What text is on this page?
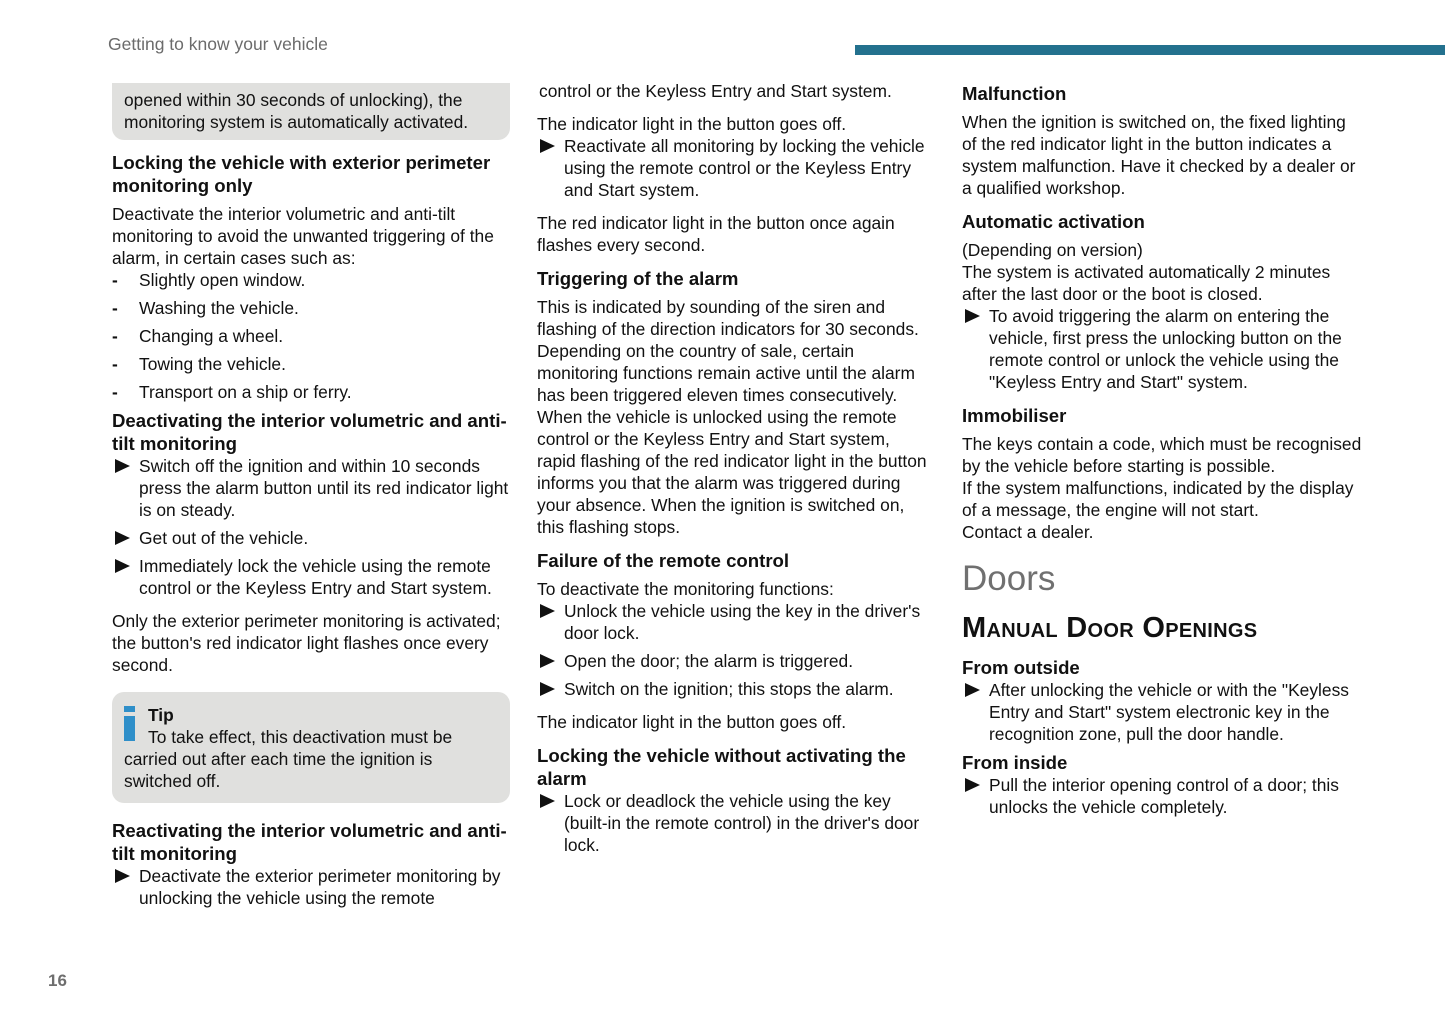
Getting to know your vehicle

opened within 30 seconds of unlocking), the monitoring system is automatically activated.

Locking the vehicle with exterior perimeter monitoring only

Deactivate the interior volumetric and anti-tilt monitoring to avoid the unwanted triggering of the alarm, in certain cases such as:

- Slightly open window.
- Washing the vehicle.
- Changing a wheel.
- Towing the vehicle.
- Transport on a ship or ferry.
Deactivating the interior volumetric and anti-tilt monitoring
Switch off the ignition and within 10 seconds press the alarm button until its red indicator light is on steady.
Get out of the vehicle.
Immediately lock the vehicle using the remote control or the Keyless Entry and Start system.

Only the exterior perimeter monitoring is activated; the button's red indicator light flashes once every second.

Tip
To take effect, this deactivation must be carried out after each time the ignition is switched off.
Reactivating the interior volumetric and anti-tilt monitoring
Deactivate the exterior perimeter monitoring by unlocking the vehicle using the remote

control or the Keyless Entry and Start system.

The indicator light in the button goes off.

Reactivate all monitoring by locking the vehicle using the remote control or the Keyless Entry and Start system.

The red indicator light in the button once again flashes every second.

Triggering of the alarm

This is indicated by sounding of the siren and flashing of the direction indicators for 30 seconds.

Depending on the country of sale, certain monitoring functions remain active until the alarm has been triggered eleven times consecutively.

When the vehicle is unlocked using the remote control or the Keyless Entry and Start system, rapid flashing of the red indicator light in the button informs you that the alarm was triggered during your absence. When the ignition is switched on, this flashing stops.

Failure of the remote control

To deactivate the monitoring functions:

Unlock the vehicle using the key in the driver's door lock.
Open the door; the alarm is triggered.
Switch on the ignition; this stops the alarm.

The indicator light in the button goes off.

Locking the vehicle without activating the alarm
Lock or deadlock the vehicle using the key (built-in the remote control) in the driver's door lock.
Malfunction

When the ignition is switched on, the fixed lighting of the red indicator light in the button indicates a system malfunction. Have it checked by a dealer or a qualified workshop.

Automatic activation

(Depending on version)

The system is activated automatically 2 minutes after the last door or the boot is closed.

To avoid triggering the alarm on entering the vehicle, first press the unlocking button on the remote control or unlock the vehicle using the "Keyless Entry and Start" system.
Immobiliser

The keys contain a code, which must be recognised by the vehicle before starting is possible.

If the system malfunctions, indicated by the display of a message, the engine will not start.

Contact a dealer.

Doors
Manual Door Openings
From outside
After unlocking the vehicle or with the "Keyless Entry and Start" system electronic key in the recognition zone, pull the door handle.
From inside
Pull the interior opening control of a door; this unlocks the vehicle completely.
16
